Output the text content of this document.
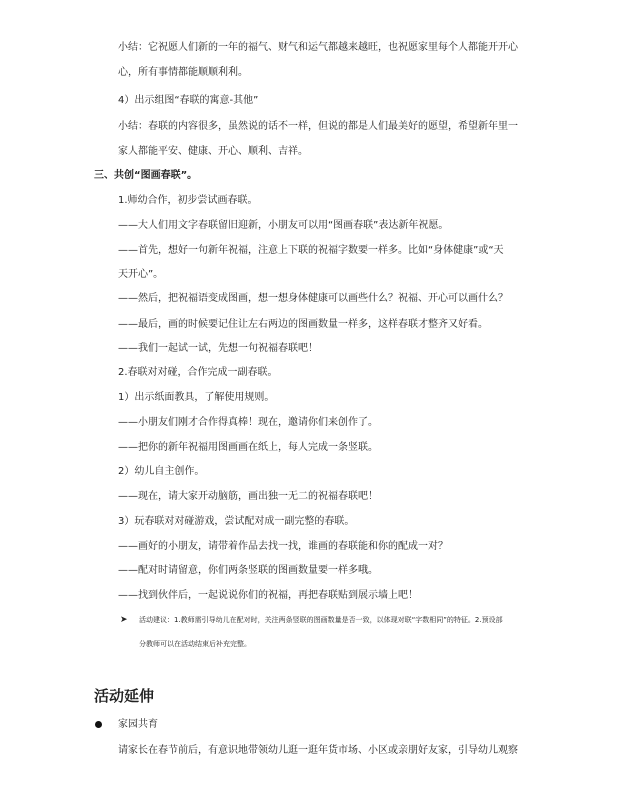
小结：它祝愿人们新的一年的福气、财气和运气都越来越旺，也祝愿家里每个人都能开开心
心，所有事情都能顺顺利利。
4）出示组图“春联的寓意-其他”
小结：春联的内容很多，虽然说的话不一样，但说的都是人们最美好的愿望，希望新年里一
家人都能平安、健康、开心、顺利、吉祥。
三、共创“图画春联”。
1.师幼合作，初步尝试画春联。
——大人们用文字春联留旧迎新，小朋友可以用“图画春联”表达新年祝愿。
——首先，想好一句新年祝福，注意上下联的祝福字数要一样多。比如“身体健康”或“天
天开心”。
——然后，把祝福语变成图画，想一想身体健康可以画些什么？祝福、开心可以画什么？
——最后，画的时候要记住让左右两边的图画数量一样多，这样春联才整齐又好看。
——我们一起试一试，先想一句祝福春联吧！
2.春联对对碰，合作完成一副春联。
1）出示纸面教具，了解使用规则。
——小朋友们刚才合作得真棒！现在，邀请你们来创作了。
——把你的新年祝福用图画画在纸上，每人完成一条竖联。
2）幼儿自主创作。
——现在，请大家开动脑筋，画出独一无二的祝福春联吧！
3）玩春联对对碰游戏，尝试配对成一副完整的春联。
——画好的小朋友，请带着作品去找一找，谁画的春联能和你的配成一对？
——配对时请留意，你们两条竖联的图画数量要一样多哦。
——找到伙伴后，一起说说你们的祝福，再把春联贴到展示墙上吧！
➤ 活动建议：1.教师需引导幼儿在配对时，关注两条竖联的图画数量是否一致，以体现对联“字数相同”的特征。2.预设部
分教师可以在活动结束后补充完整。
活动延伸
家园共育
请家长在春节前后，有意识地带领幼儿逛一逛年货市场、小区或亲朋好友家，引导幼儿观察
